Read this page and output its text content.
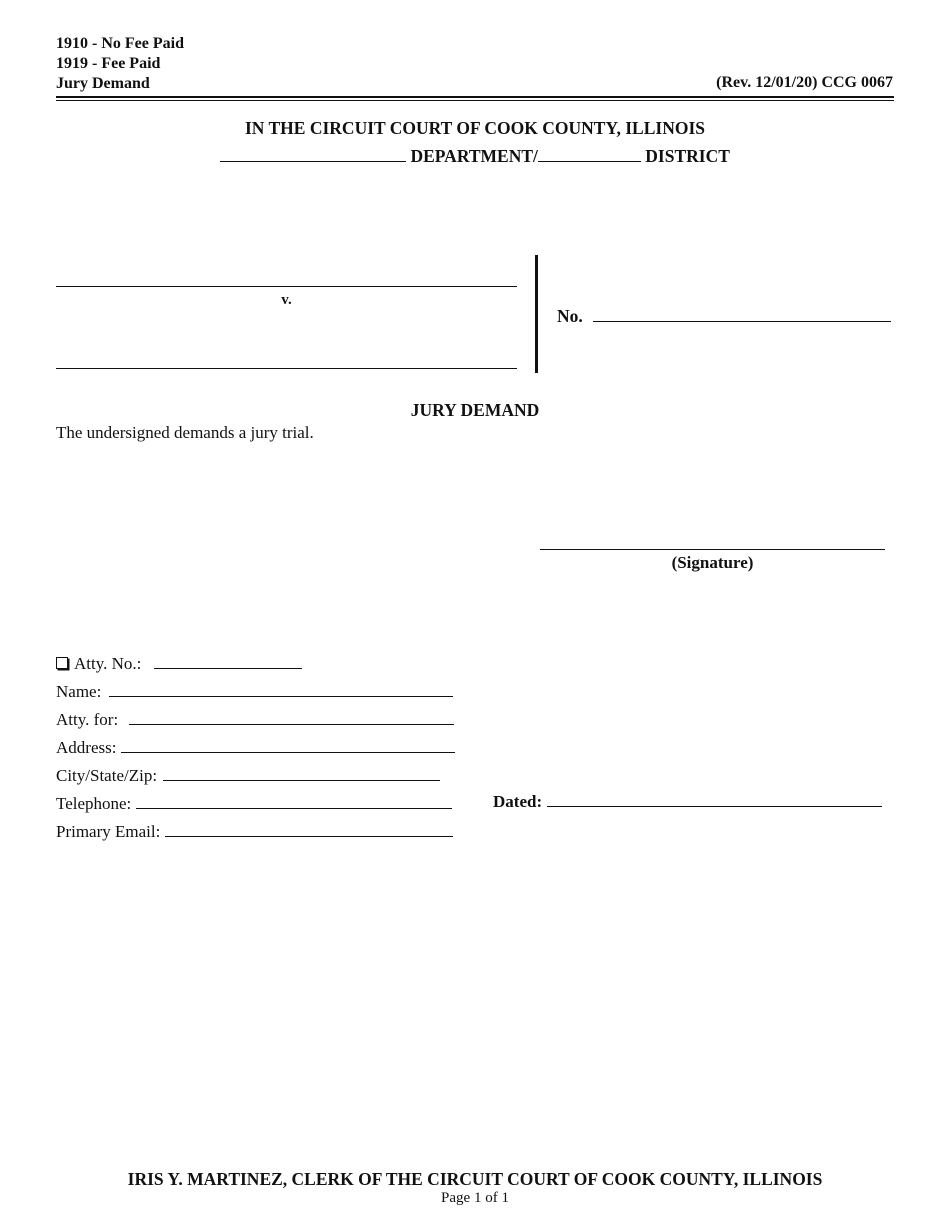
1910 - No Fee Paid
1919 - Fee Paid
Jury Demand	(Rev. 12/01/20) CCG 0067
IN THE CIRCUIT COURT OF COOK COUNTY, ILLINOIS
DEPARTMENT/	DISTRICT
v.
No.
JURY DEMAND
The undersigned demands a jury trial.
(Signature)
Atty. No.:
Name:
Atty. for:
Address:
City/State/Zip:
Telephone:
Primary Email:
Dated:
IRIS Y. MARTINEZ, CLERK OF THE CIRCUIT COURT OF COOK COUNTY, ILLINOIS
Page 1 of 1
